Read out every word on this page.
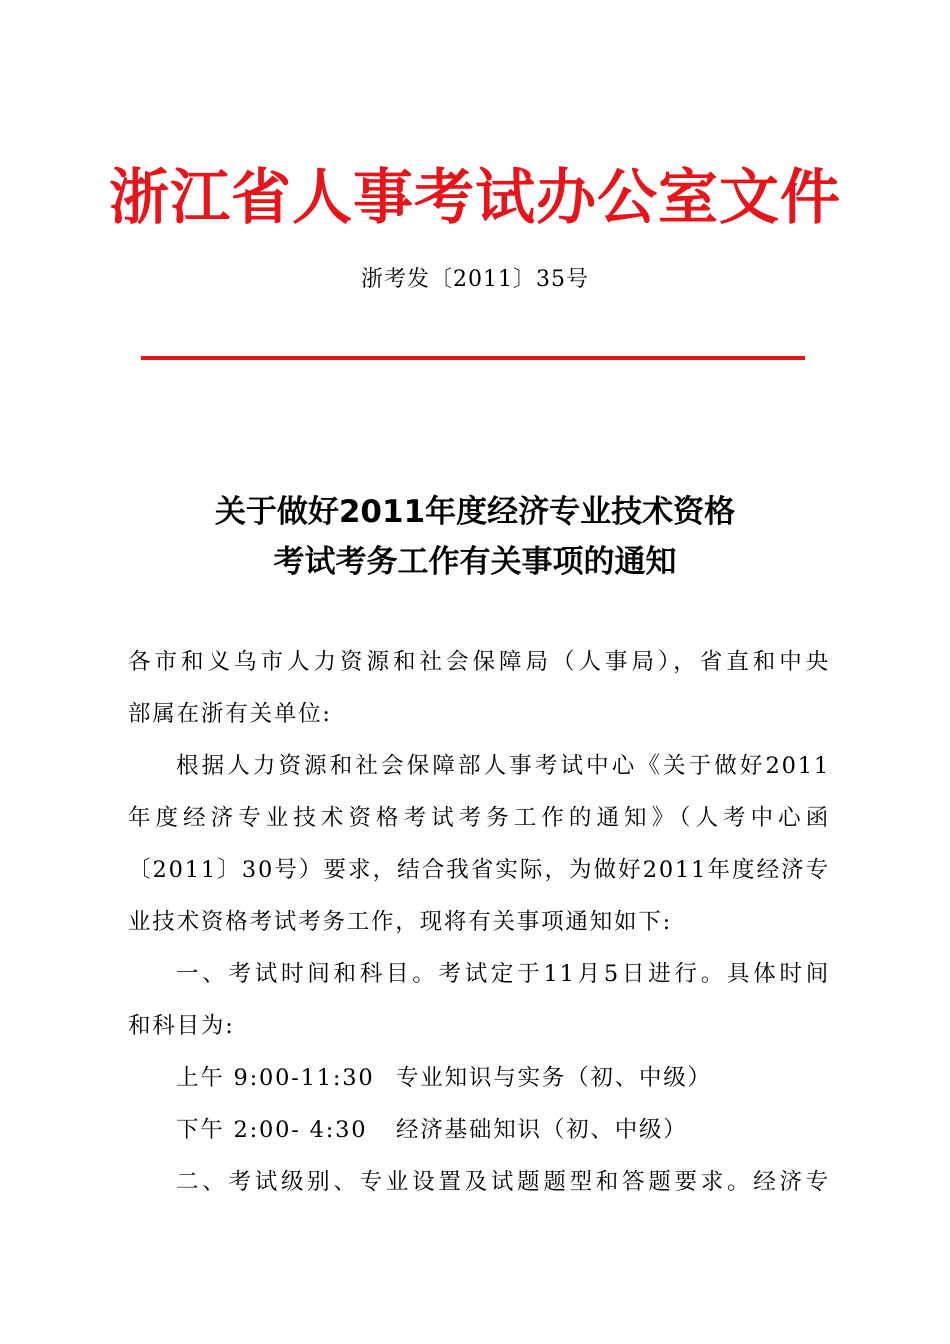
浙江省人事考试办公室文件
浙考发〔2011〕35号
关于做好2011年度经济专业技术资格
考试考务工作有关事项的通知
各市和义乌市人力资源和社会保障局（人事局），省直和中央
部属在浙有关单位:
根据人力资源和社会保障部人事考试中心《关于做好2011
年度经济专业技术资格考试考务工作的通知》（人考中心函
〔2011〕30号）要求，结合我省实际，为做好2011年度经济专
业技术资格考试考务工作，现将有关事项通知如下:
一、考试时间和科目。考试定于11月5日进行。具体时间
和科目为:
上午 9:00-11:30 专业知识与实务（初、中级）
下午 2:00- 4:30 经济基础知识（初、中级）
二、考试级别、专业设置及试题题型和答题要求。经济专
